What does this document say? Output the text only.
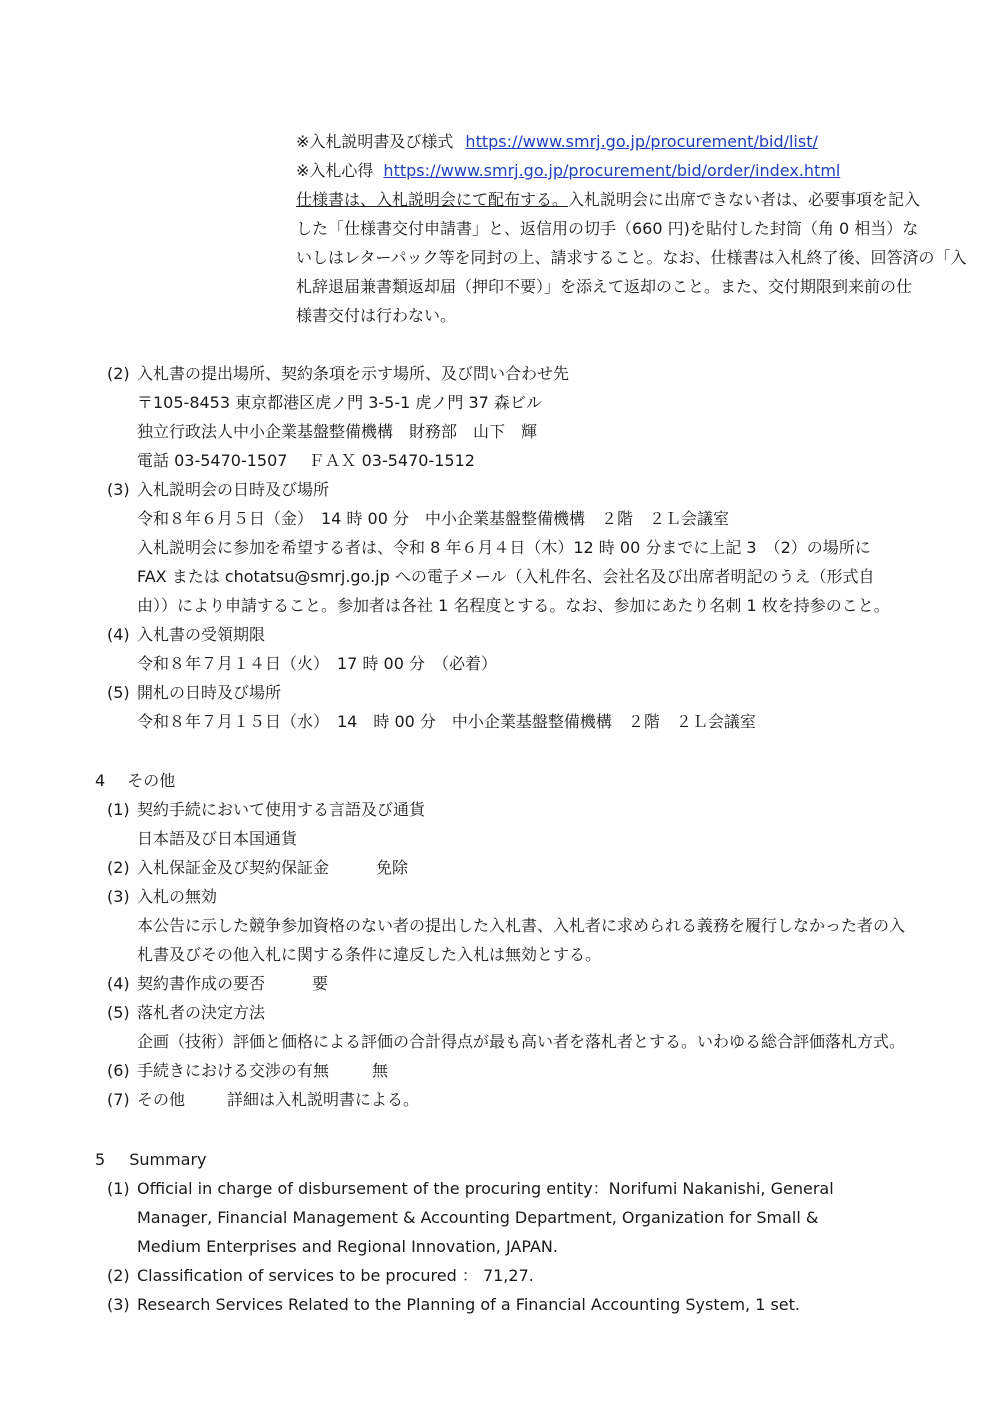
※入札説明書及び様式 https://www.smrj.go.jp/procurement/bid/list/
※入札心得 https://www.smrj.go.jp/procurement/bid/order/index.html
仕様書は、入札説明会にて配布する。入札説明会に出席できない者は、必要事項を記入
した「仕様書交付申請書」と、返信用の切手（660 円)を貼付した封筒（角 0 相当）な
いしはレターパック等を同封の上、請求すること。なお、仕様書は入札終了後、回答済の「入
札辞退届兼書類返却届（押印不要）」を添えて返却のこと。また、交付期限到来前の仕
様書交付は行わない。
(2) 入札書の提出場所、契約条項を示す場所、及び問い合わせ先
〒105-8453 東京都港区虎ノ門 3-5-1 虎ノ門 37 森ビル
独立行政法人中小企業基盤整備機構　財務部　山下　輝
電話 03-5470-1507　 ＦＡＸ 03-5470-1512
(3) 入札説明会の日時及び場所
令和８年６月５日（金）　14 時 00 分　中小企業基盤整備機構　２階　２Ｌ会議室
入札説明会に参加を希望する者は、令和 8 年６月４日（木）12 時 00 分までに上記 3　（2）の場所に
FAX または chotatsu@smrj.go.jp への電子メール（入札件名、会社名及び出席者明記のうえ（形式自
由））により申請すること。参加者は各社 1 名程度とする。なお、参加にあたり名刺 1 枚を持参のこと。
(4) 入札書の受領期限
令和８年７月１４日（火）　17 時 00 分　（必着）
(5) 開札の日時及び場所
令和８年７月１５日（水）　14　時 00 分　中小企業基盤整備機構　２階　２Ｌ会議室
4 その他
(1) 契約手続において使用する言語及び通貨
日本語及び日本国通貨
(2) 入札保証金及び契約保証金	免除
(3) 入札の無効
本公告に示した競争参加資格のない者の提出した入札書、入札者に求められる義務を履行しなかった者の入
札書及びその他入札に関する条件に違反した入札は無効とする。
(4) 契約書作成の要否	要
(5) 落札者の決定方法
企画（技術）評価と価格による評価の合計得点が最も高い者を落札者とする。いわゆる総合評価落札方式。
(6) 手続きにおける交渉の有無	無
(7) その他	詳細は入札説明書による。
5 Summary
(1) Official in charge of disbursement of the procuring entity：Norifumi Nakanishi, General
Manager, Financial Management & Accounting Department, Organization for Small &
Medium Enterprises and Regional Innovation, JAPAN.
(2) Classification of services to be procured ： 71,27.
(3) Research Services Related to the Planning of a Financial Accounting System, 1 set.
